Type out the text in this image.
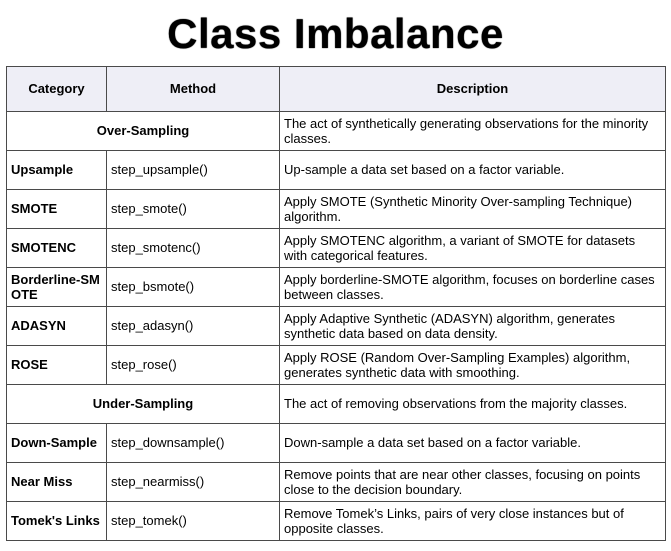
Class Imbalance
Category	Method	Description
Over-Sampling		The act of synthetically generating observations for the minority classes.
Upsample	step_upsample()	Up-sample a data set based on a factor variable.
SMOTE	step_smote()	Apply SMOTE (Synthetic Minority Over-sampling Technique) algorithm.
SMOTENC	step_smotenc()	Apply SMOTENC algorithm, a variant of SMOTE for datasets with categorical features.
Borderline-SMOTE	step_bsmote()	Apply borderline-SMOTE algorithm, focuses on borderline cases between classes.
ADASYN	step_adasyn()	Apply Adaptive Synthetic (ADASYN) algorithm, generates synthetic data based on data density.
ROSE	step_rose()	Apply ROSE (Random Over-Sampling Examples) algorithm, generates synthetic data with smoothing.
Under-Sampling		The act of removing observations from the majority classes.
Down-Sample	step_downsample()	Down-sample a data set based on a factor variable.
Near Miss	step_nearmiss()	Remove points that are near other classes, focusing on points close to the decision boundary.
Tomek's Links	step_tomek()	Remove Tomek’s Links, pairs of very close instances but of opposite classes.
